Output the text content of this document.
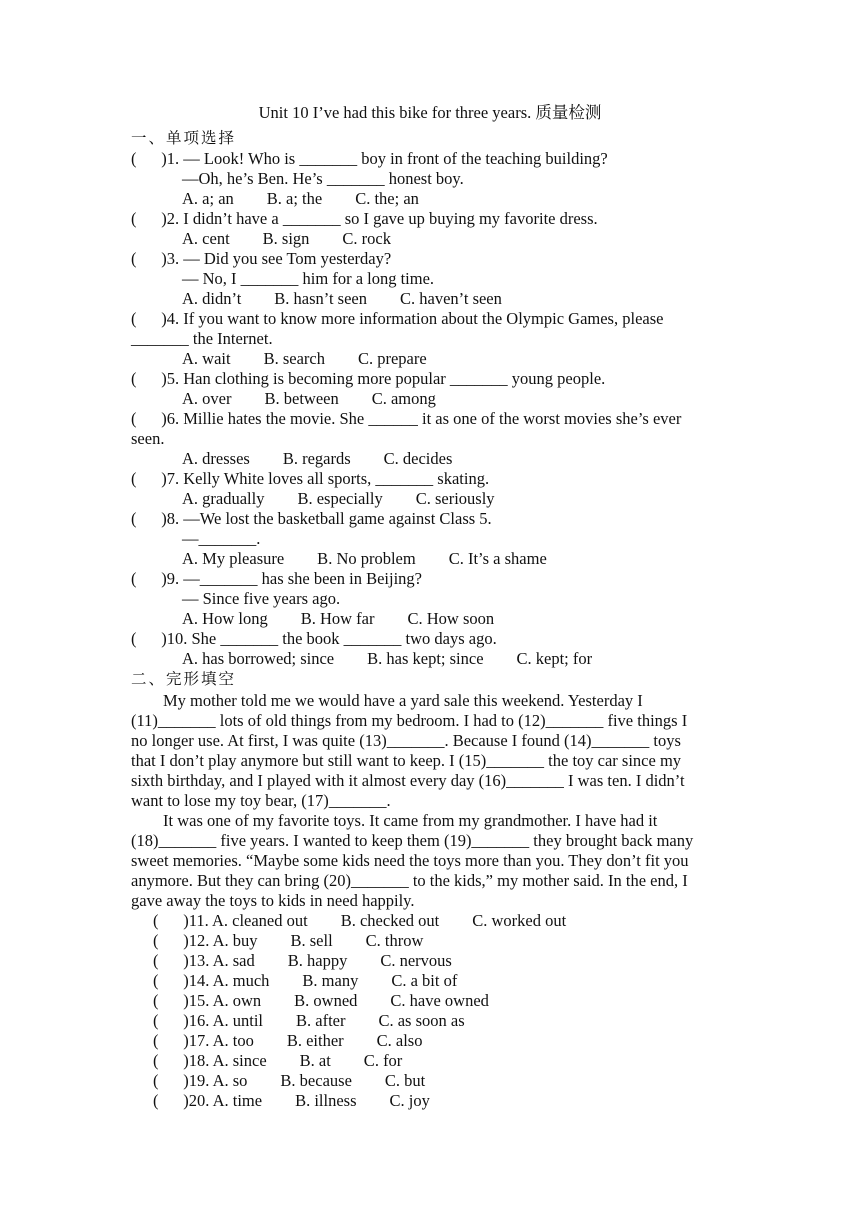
Unit 10 I’ve had this bike for three years. 质量检测
一、单项选择
(      )1. — Look! Who is _______ boy in front of the teaching building?
—Oh, he’s Ben. He’s _______ honest boy.
A. a; an        B. a; the        C. the; an
(      )2. I didn’t have a _______ so I gave up buying my favorite dress.
A. cent        B. sign        C. rock
(      )3. — Did you see Tom yesterday?
— No, I _______ him for a long time.
A. didn’t        B. hasn’t seen        C. haven’t seen
(      )4. If you want to know more information about the Olympic Games, please
_______ the Internet.
A. wait        B. search        C. prepare
(      )5. Han clothing is becoming more popular _______ young people.
A. over        B. between        C. among
(      )6. Millie hates the movie. She ______ it as one of the worst movies she’s ever
seen.
A. dresses        B. regards        C. decides
(      )7. Kelly White loves all sports, _______ skating.
A. gradually        B. especially        C. seriously
(      )8. —We lost the basketball game against Class 5.
—_______.
A. My pleasure        B. No problem        C. It’s a shame
(      )9. —_______ has she been in Beijing?
— Since five years ago.
A. How long        B. How far        C. How soon
(      )10. She _______ the book _______ two days ago.
A. has borrowed; since        B. has kept; since        C. kept; for
二、完形填空
My mother told me we would have a yard sale this weekend. Yesterday I
(11)_______ lots of old things from my bedroom. I had to (12)_______ five things I
no longer use. At first, I was quite (13)_______. Because I found (14)_______ toys
that I don’t play anymore but still want to keep. I (15)_______ the toy car since my
sixth birthday, and I played with it almost every day (16)_______ I was ten. I didn’t
want to lose my toy bear, (17)_______.
It was one of my favorite toys. It came from my grandmother. I have had it
(18)_______ five years. I wanted to keep them (19)_______ they brought back many
sweet memories. “Maybe some kids need the toys more than you. They don’t fit you
anymore. But they can bring (20)_______ to the kids,” my mother said. In the end, I
gave away the toys to kids in need happily.
(      )11. A. cleaned out        B. checked out        C. worked out
(      )12. A. buy        B. sell        C. throw
(      )13. A. sad        B. happy        C. nervous
(      )14. A. much        B. many        C. a bit of
(      )15. A. own        B. owned        C. have owned
(      )16. A. until        B. after        C. as soon as
(      )17. A. too        B. either        C. also
(      )18. A. since        B. at        C. for
(      )19. A. so        B. because        C. but
(      )20. A. time        B. illness        C. joy
